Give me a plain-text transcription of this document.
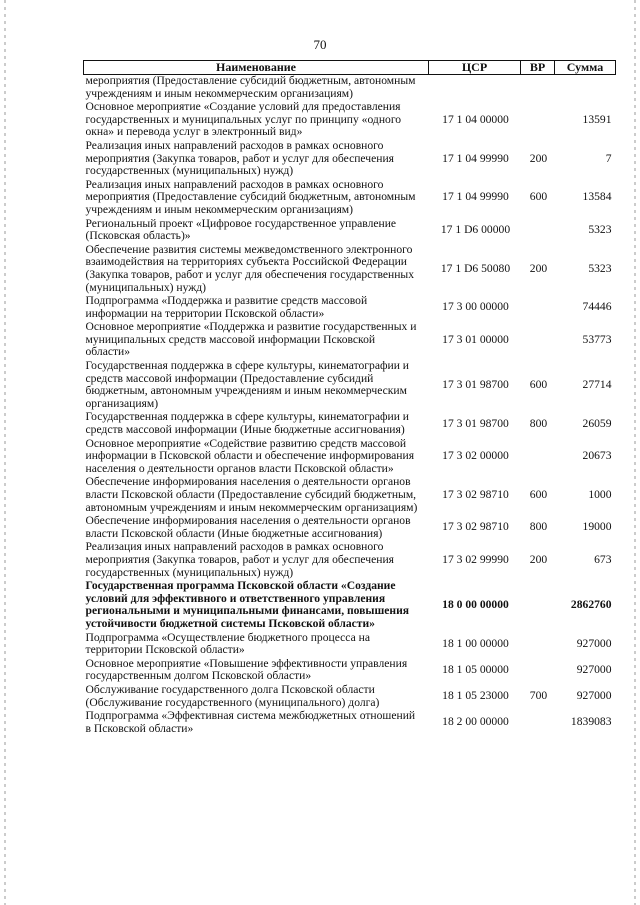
70
Наименование	ЦСР	ВР	Сумма
мероприятия (Предоставление субсидий бюджетным, автономным учреждениям и иным некоммерческим организациям)			
Основное мероприятие «Создание условий для предоставления государственных и муниципальных услуг по принципу «одного окна» и перевода услуг в электронный вид»	17 1 04 00000		13591
Реализация иных направлений расходов в рамках основного мероприятия (Закупка товаров, работ и услуг для обеспечения государственных (муниципальных) нужд)	17 1 04 99990	200	7
Реализация иных направлений расходов в рамках основного мероприятия (Предоставление субсидий бюджетным, автономным учреждениям и иным некоммерческим организациям)	17 1 04 99990	600	13584
Региональный проект «Цифровое государственное управление (Псковская область)»	17 1 D6 00000		5323
Обеспечение развития системы межведомственного электронного взаимодействия на территориях субъекта Российской Федерации (Закупка товаров, работ и услуг для обеспечения государственных (муниципальных) нужд)	17 1 D6 50080	200	5323
Подпрограмма «Поддержка и развитие средств массовой информации на территории Псковской области»	17 3 00 00000		74446
Основное мероприятие «Поддержка и развитие государственных и муниципальных средств массовой информации Псковской области»	17 3 01 00000		53773
Государственная поддержка в сфере культуры, кинематографии и средств массовой информации (Предоставление субсидий бюджетным, автономным учреждениям и иным некоммерческим организациям)	17 3 01 98700	600	27714
Государственная поддержка в сфере культуры, кинематографии и средств массовой информации (Иные бюджетные ассигнования)	17 3 01 98700	800	26059
Основное мероприятие «Содействие развитию средств массовой информации в Псковской области и обеспечение информирования населения о деятельности органов власти Псковской области»	17 3 02 00000		20673
Обеспечение информирования населения о деятельности органов власти Псковской области (Предоставление субсидий бюджетным, автономным учреждениям и иным некоммерческим организациям)	17 3 02 98710	600	1000
Обеспечение информирования населения о деятельности органов власти Псковской области (Иные бюджетные ассигнования)	17 3 02 98710	800	19000
Реализация иных направлений расходов в рамках основного мероприятия (Закупка товаров, работ и услуг для обеспечения государственных (муниципальных) нужд)	17 3 02 99990	200	673
Государственная программа Псковской области «Создание условий для эффективного и ответственного управления региональными и муниципальными финансами, повышения устойчивости бюджетной системы Псковской области»	18 0 00 00000		2862760
Подпрограмма «Осуществление бюджетного процесса на территории Псковской области»	18 1 00 00000		927000
Основное мероприятие «Повышение эффективности управления государственным долгом Псковской области»	18 1 05 00000		927000
Обслуживание государственного долга Псковской области (Обслуживание государственного (муниципального) долга)	18 1 05 23000	700	927000
Подпрограмма «Эффективная система межбюджетных отношений в Псковской области»	18 2 00 00000		1839083
